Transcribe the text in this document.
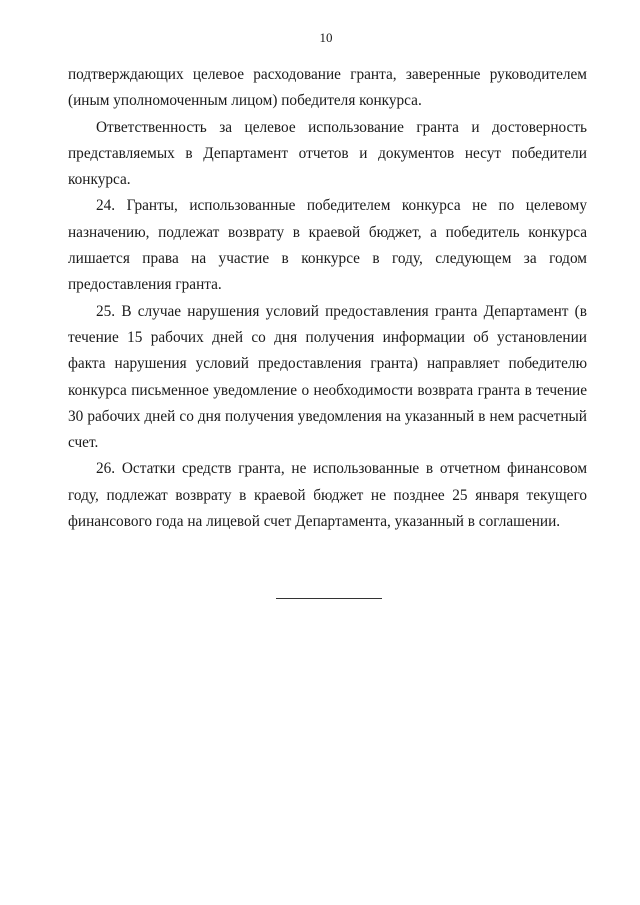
10

подтверждающих целевое расходование гранта, заверенные руководителем (иным уполномоченным лицом) победителя конкурса.

Ответственность за целевое использование гранта и достоверность представляемых в Департамент отчетов и документов несут победители конкурса.

24. Гранты, использованные победителем конкурса не по целевому назначению, подлежат возврату в краевой бюджет, а победитель конкурса лишается права на участие в конкурсе в году, следующем за годом предоставления гранта.

25. В случае нарушения условий предоставления гранта Департамент (в течение 15 рабочих дней со дня получения информации об установлении факта нарушения условий предоставления гранта) направляет победителю конкурса письменное уведомление о необходимости возврата гранта в течение 30 рабочих дней со дня получения уведомления на указанный в нем расчетный счет.

26. Остатки средств гранта, не использованные в отчетном финансовом году, подлежат возврату в краевой бюджет не позднее 25 января текущего финансового года на лицевой счет Департамента, указанный в соглашении.
